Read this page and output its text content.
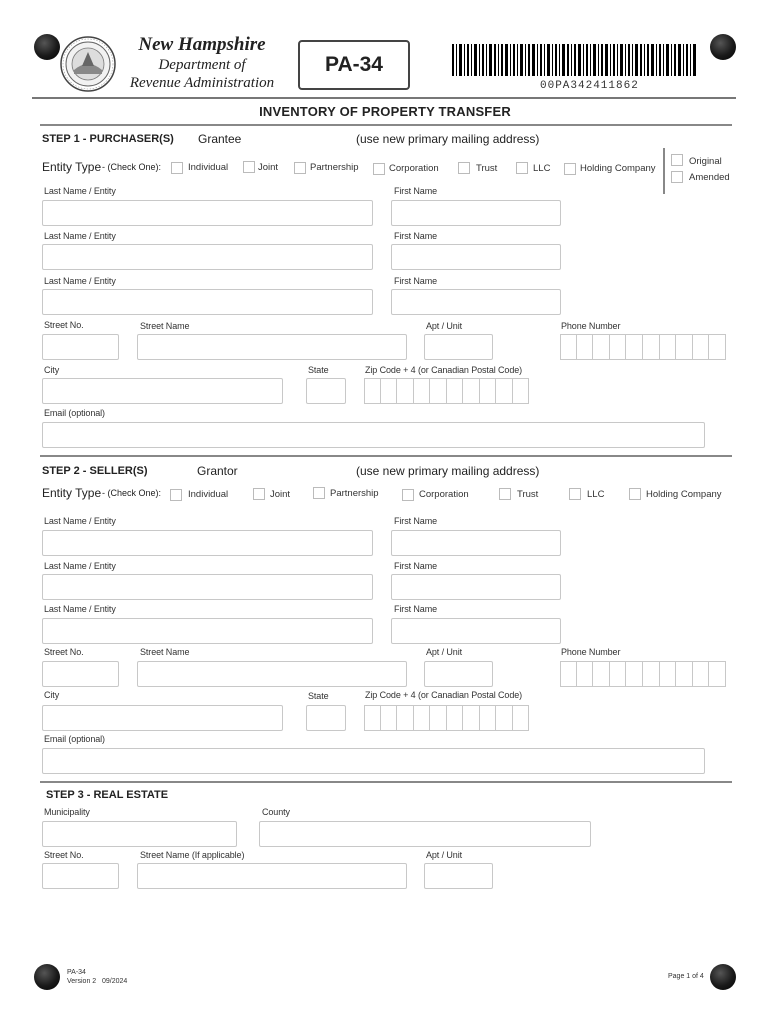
New Hampshire
Department of
Revenue Administration
PA-34
00PA342411862
INVENTORY OF PROPERTY TRANSFER
STEP 1 - PURCHASER(S) Grantee	(use new primary mailing address)
Entity Type - (Check One):	Individual	Joint	Partnership	Corporation	Trust	LLC	Holding Company
Original
Amended
Last Name / Entity	First Name
Last Name / Entity	First Name
Last Name / Entity	First Name
Street No.	Street Name	Apt / Unit	Phone Number
City	State	Zip Code + 4 (or Canadian Postal Code)
Email (optional)
STEP 2 - SELLER(S)	Grantor	(use new primary mailing address)
Entity Type - (Check One):	Individual	Joint	Partnership	Corporation	Trust	LLC	Holding Company
Last Name / Entity	First Name
Last Name / Entity	First Name
Last Name / Entity	First Name
Street No.	Street Name	Apt / Unit	Phone Number
City	State	Zip Code + 4 (or Canadian Postal Code)
Email (optional)
STEP 3 - REAL ESTATE
Municipality	County
Street No.	Street Name (If applicable)	Apt / Unit
PA-34
Version 2   09/2024
Page 1 of 4
